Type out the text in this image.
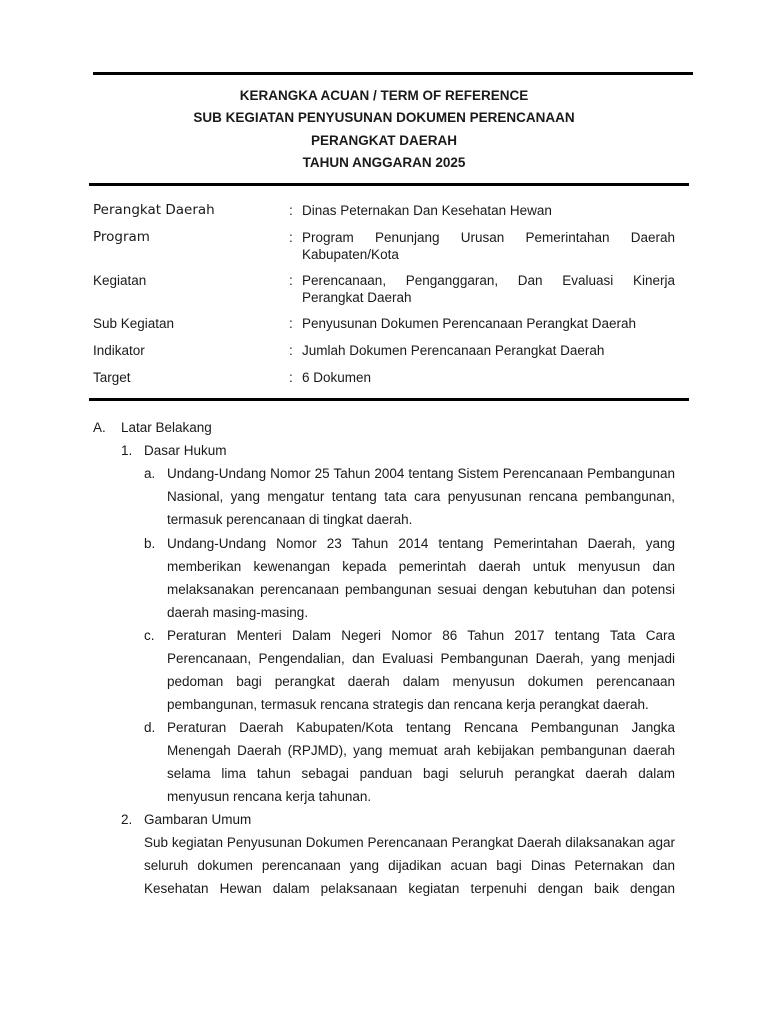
KERANGKA ACUAN / TERM OF REFERENCE
SUB KEGIATAN PENYUSUNAN DOKUMEN PERENCANAAN
PERANGKAT DAERAH
TAHUN ANGGARAN 2025
Perangkat Daerah	: Dinas Peternakan Dan Kesehatan Hewan
Program	: Program Penunjang Urusan Pemerintahan Daerah Kabupaten/Kota
Kegiatan	: Perencanaan, Penganggaran, Dan Evaluasi Kinerja Perangkat Daerah
Sub Kegiatan	: Penyusunan Dokumen Perencanaan Perangkat Daerah
Indikator	: Jumlah Dokumen Perencanaan Perangkat Daerah
Target	: 6 Dokumen
A. Latar Belakang
1. Dasar Hukum
a. Undang-Undang Nomor 25 Tahun 2004 tentang Sistem Perencanaan Pembangunan Nasional, yang mengatur tentang tata cara penyusunan rencana pembangunan, termasuk perencanaan di tingkat daerah.
b. Undang-Undang Nomor 23 Tahun 2014 tentang Pemerintahan Daerah, yang memberikan kewenangan kepada pemerintah daerah untuk menyusun dan melaksanakan perencanaan pembangunan sesuai dengan kebutuhan dan potensi daerah masing-masing.
c. Peraturan Menteri Dalam Negeri Nomor 86 Tahun 2017 tentang Tata Cara Perencanaan, Pengendalian, dan Evaluasi Pembangunan Daerah, yang menjadi pedoman bagi perangkat daerah dalam menyusun dokumen perencanaan pembangunan, termasuk rencana strategis dan rencana kerja perangkat daerah.
d. Peraturan Daerah Kabupaten/Kota tentang Rencana Pembangunan Jangka Menengah Daerah (RPJMD), yang memuat arah kebijakan pembangunan daerah selama lima tahun sebagai panduan bagi seluruh perangkat daerah dalam menyusun rencana kerja tahunan.
2. Gambaran Umum
Sub kegiatan Penyusunan Dokumen Perencanaan Perangkat Daerah dilaksanakan agar seluruh dokumen perencanaan yang dijadikan acuan bagi Dinas Peternakan dan Kesehatan Hewan dalam pelaksanaan kegiatan terpenuhi dengan baik dengan
